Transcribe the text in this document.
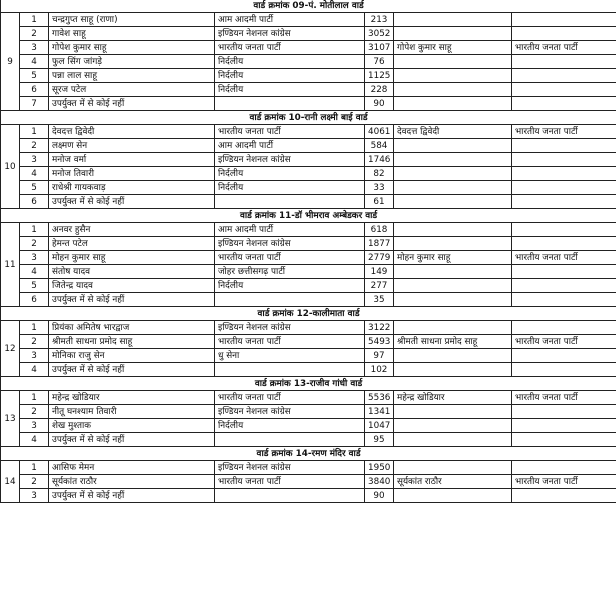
वार्ड क्रमांक 09-पं. मोतीलाल वार्ड						
9	1	चन्द्रगुप्त साहू (राणा)	आम आदमी पार्टी	213		
	2	गावेश साहू	इण्डियन नेशनल कांग्रेस	3052		
	3	गोपेश कुमार साहू	भारतीय जनता पार्टी	3107	गोपेश कुमार साहू	भारतीय जनता पार्टी
	4	फुल सिंग जांगड़े	निर्दलीय	76		
	5	पन्ना लाल साहू	निर्दलीय	1125		
	6	सूरज पटेल	निर्दलीय	228		
	7	उपर्युक्त में से कोई नहीं		90		
वार्ड क्रमांक 10-रानी लक्ष्मी बाई वार्ड						
10	1	देवदत्त द्विवेदी	भारतीय जनता पार्टी	4061	देवदत्त द्विवेदी	भारतीय जनता पार्टी
	2	लक्ष्मण सेन	आम आदमी पार्टी	584		
	3	मनोज वर्मा	इण्डियन नेशनल कांग्रेस	1746		
	4	मनोज तिवारी	निर्दलीय	82		
	5	राधेश्री गायकवाड़	निर्दलीय	33		
	6	उपर्युक्त में से कोई नहीं		61		
वार्ड क्रमांक 11-डॉ भीमराव अम्बेडकर वार्ड						
11	1	अनवर हुसैन	आम आदमी पार्टी	618		
	2	हेमन्त पटेल	इण्डियन नेशनल कांग्रेस	1877		
	3	मोहन कुमार साहू	भारतीय जनता पार्टी	2779	मोहन कुमार साहू	भारतीय जनता पार्टी
	4	संतोष यादव	जोहर छत्तीसगढ़ पार्टी	149		
	5	जितेन्द्र यादव	निर्दलीय	277		
	6	उपर्युक्त में से कोई नहीं		35		
वार्ड क्रमांक 12-कालीमाता वार्ड						
12	1	प्रियंका अमितेष भारद्वाज	इण्डियन नेशनल कांग्रेस	3122		
	2	श्रीमती साधना प्रमोद साहू	भारतीय जनता पार्टी	5493	श्रीमती साधना प्रमोद साहू	भारतीय जनता पार्टी
	3	मोनिका राजु सेन	धु सेना	97		
	4	उपर्युक्त में से कोई नहीं		102		
वार्ड क्रमांक 13-राजीव गांधी वार्ड						
13	1	महेन्द्र खोडियार	भारतीय जनता पार्टी	5536	महेन्द्र खोडियार	भारतीय जनता पार्टी
	2	नीतू घनश्याम तिवारी	इण्डियन नेशनल कांग्रेस	1341		
	3	शेख मुश्ताक	निर्दलीय	1047		
	4	उपर्युक्त में से कोई नहीं		95		
वार्ड क्रमांक 14-रमण मंदिर वार्ड						
14	1	आसिफ मेमन	इण्डियन नेशनल कांग्रेस	1950		
	2	सूर्यकांत राठौर	भारतीय जनता पार्टी	3840	सूर्यकांत राठौर	भारतीय जनता पार्टी
	3	उपर्युक्त में से कोई नहीं		90		
